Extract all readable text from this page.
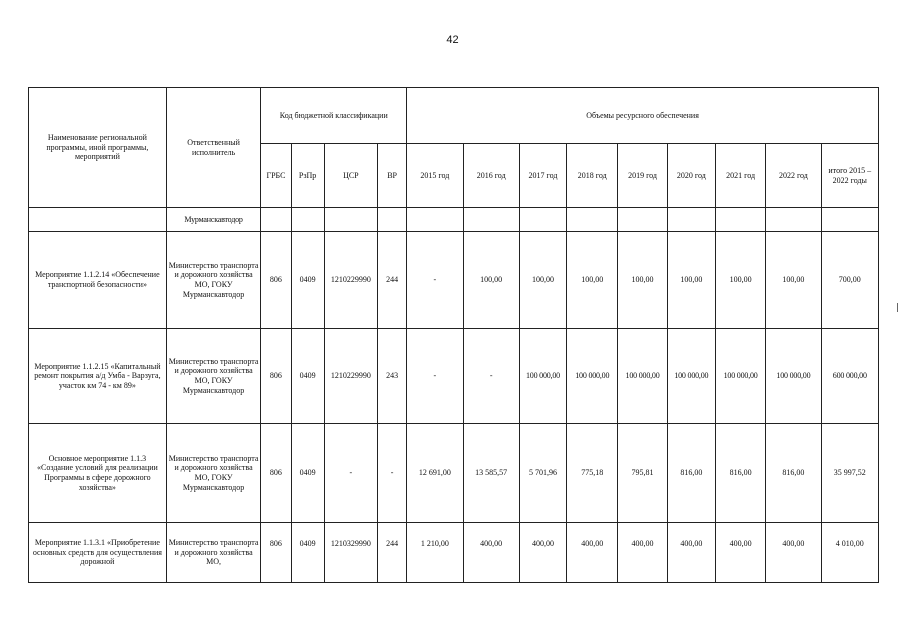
42
Наименование региональной программы, иной программы, мероприятий	Ответственный исполнитель	Код бюджетной классификации				Объемы ресурсного обеспечения								
		ГРБС	РзПр	ЦСР	ВР	2015 год	2016 год	2017 год	2018 год	2019 год	2020 год	2021 год	2022 год	итого 2015 – 2022 годы
	Мурманскавтодор													
Мероприятие 1.1.2.14 «Обеспечение транспортной безопасности»	Министерство транспорта и дорожного хозяйства МО, ГОКУ Мурманскавтодор	806	0409	1210229990	244	-	100,00	100,00	100,00	100,00	100,00	100,00	100,00	700,00
Мероприятие 1.1.2.15 «Капитальный ремонт покрытия а/д Умба - Варзуга, участок км 74 - км 89»	Министерство транспорта и дорожного хозяйства МО, ГОКУ Мурманскавтодор	806	0409	1210229990	243	-	-	100 000,00	100 000,00	100 000,00	100 000,00	100 000,00	100 000,00	600 000,00
Основное мероприятие 1.1.3 «Создание условий для реализации Программы в сфере дорожного хозяйства»	Министерство транспорта и дорожного хозяйства МО, ГОКУ Мурманскавтодор	806	0409	-	-	12 691,00	13 585,57	5 701,96	775,18	795,81	816,00	816,00	816,00	35 997,52
Мероприятие 1.1.3.1 «Приобретение основных средств для осуществления дорожной	Министерство транспорта и дорожного хозяйства МО,	806	0409	1210329990	244	1 210,00	400,00	400,00	400,00	400,00	400,00	400,00	400,00	4 010,00
